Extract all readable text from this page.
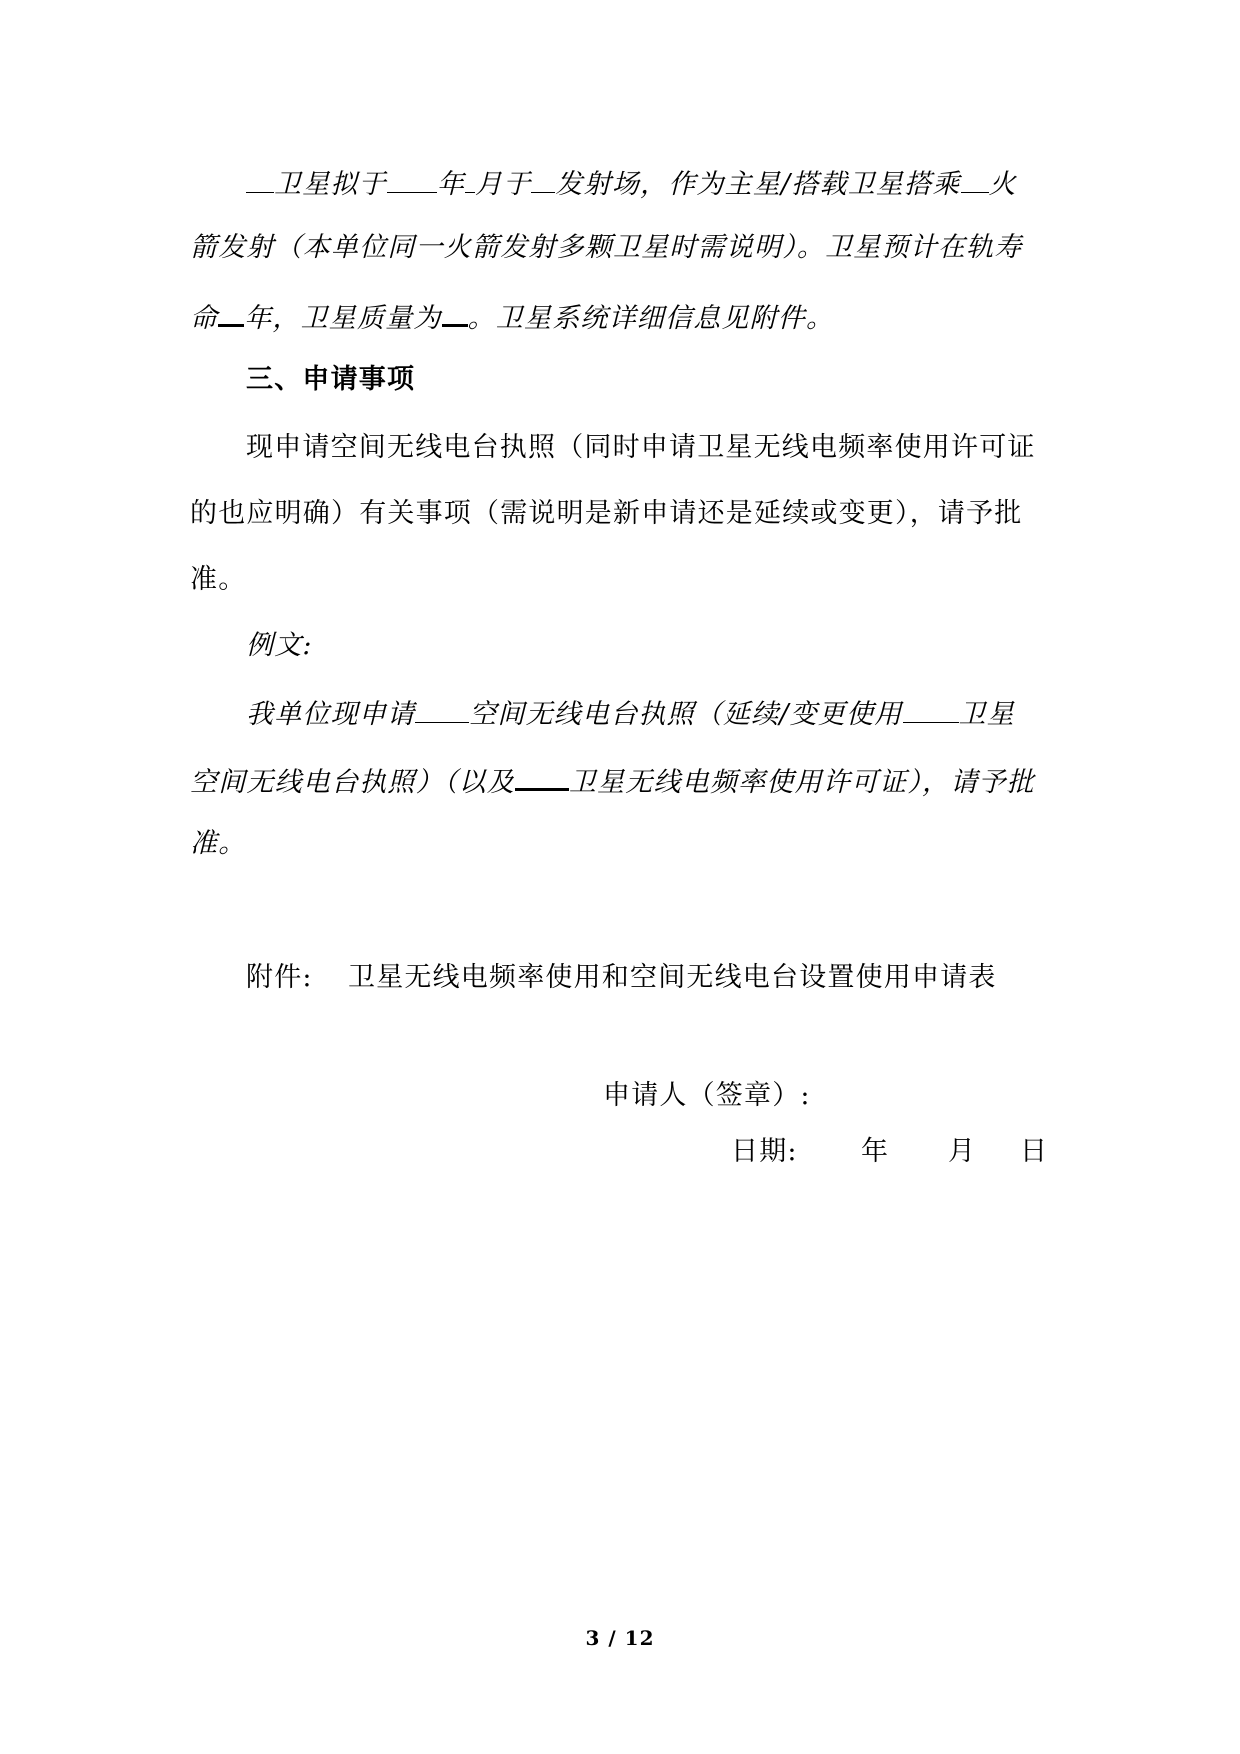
卫星拟于 年 月于 发射场，作为主星/搭载卫星搭乘 火
箭发射（本单位同一火箭发射多颗卫星时需说明）。卫星预计在轨寿
命 年，卫星质量为 。卫星系统详细信息见附件。
三、申请事项
现申请空间无线电台执照（同时申请卫星无线电频率使用许可证
的也应明确）有关事项（需说明是新申请还是延续或变更），请予批
准。
例文:
我单位现申请 空间无线电台执照（延续/变更使用 卫星
空间无线电台执照）（以及 卫星无线电频率使用许可证），请予批
准。
附件: 卫星无线电频率使用和空间无线电台设置使用申请表
申请人（签章）:
日期: 年 月 日
3 / 12
